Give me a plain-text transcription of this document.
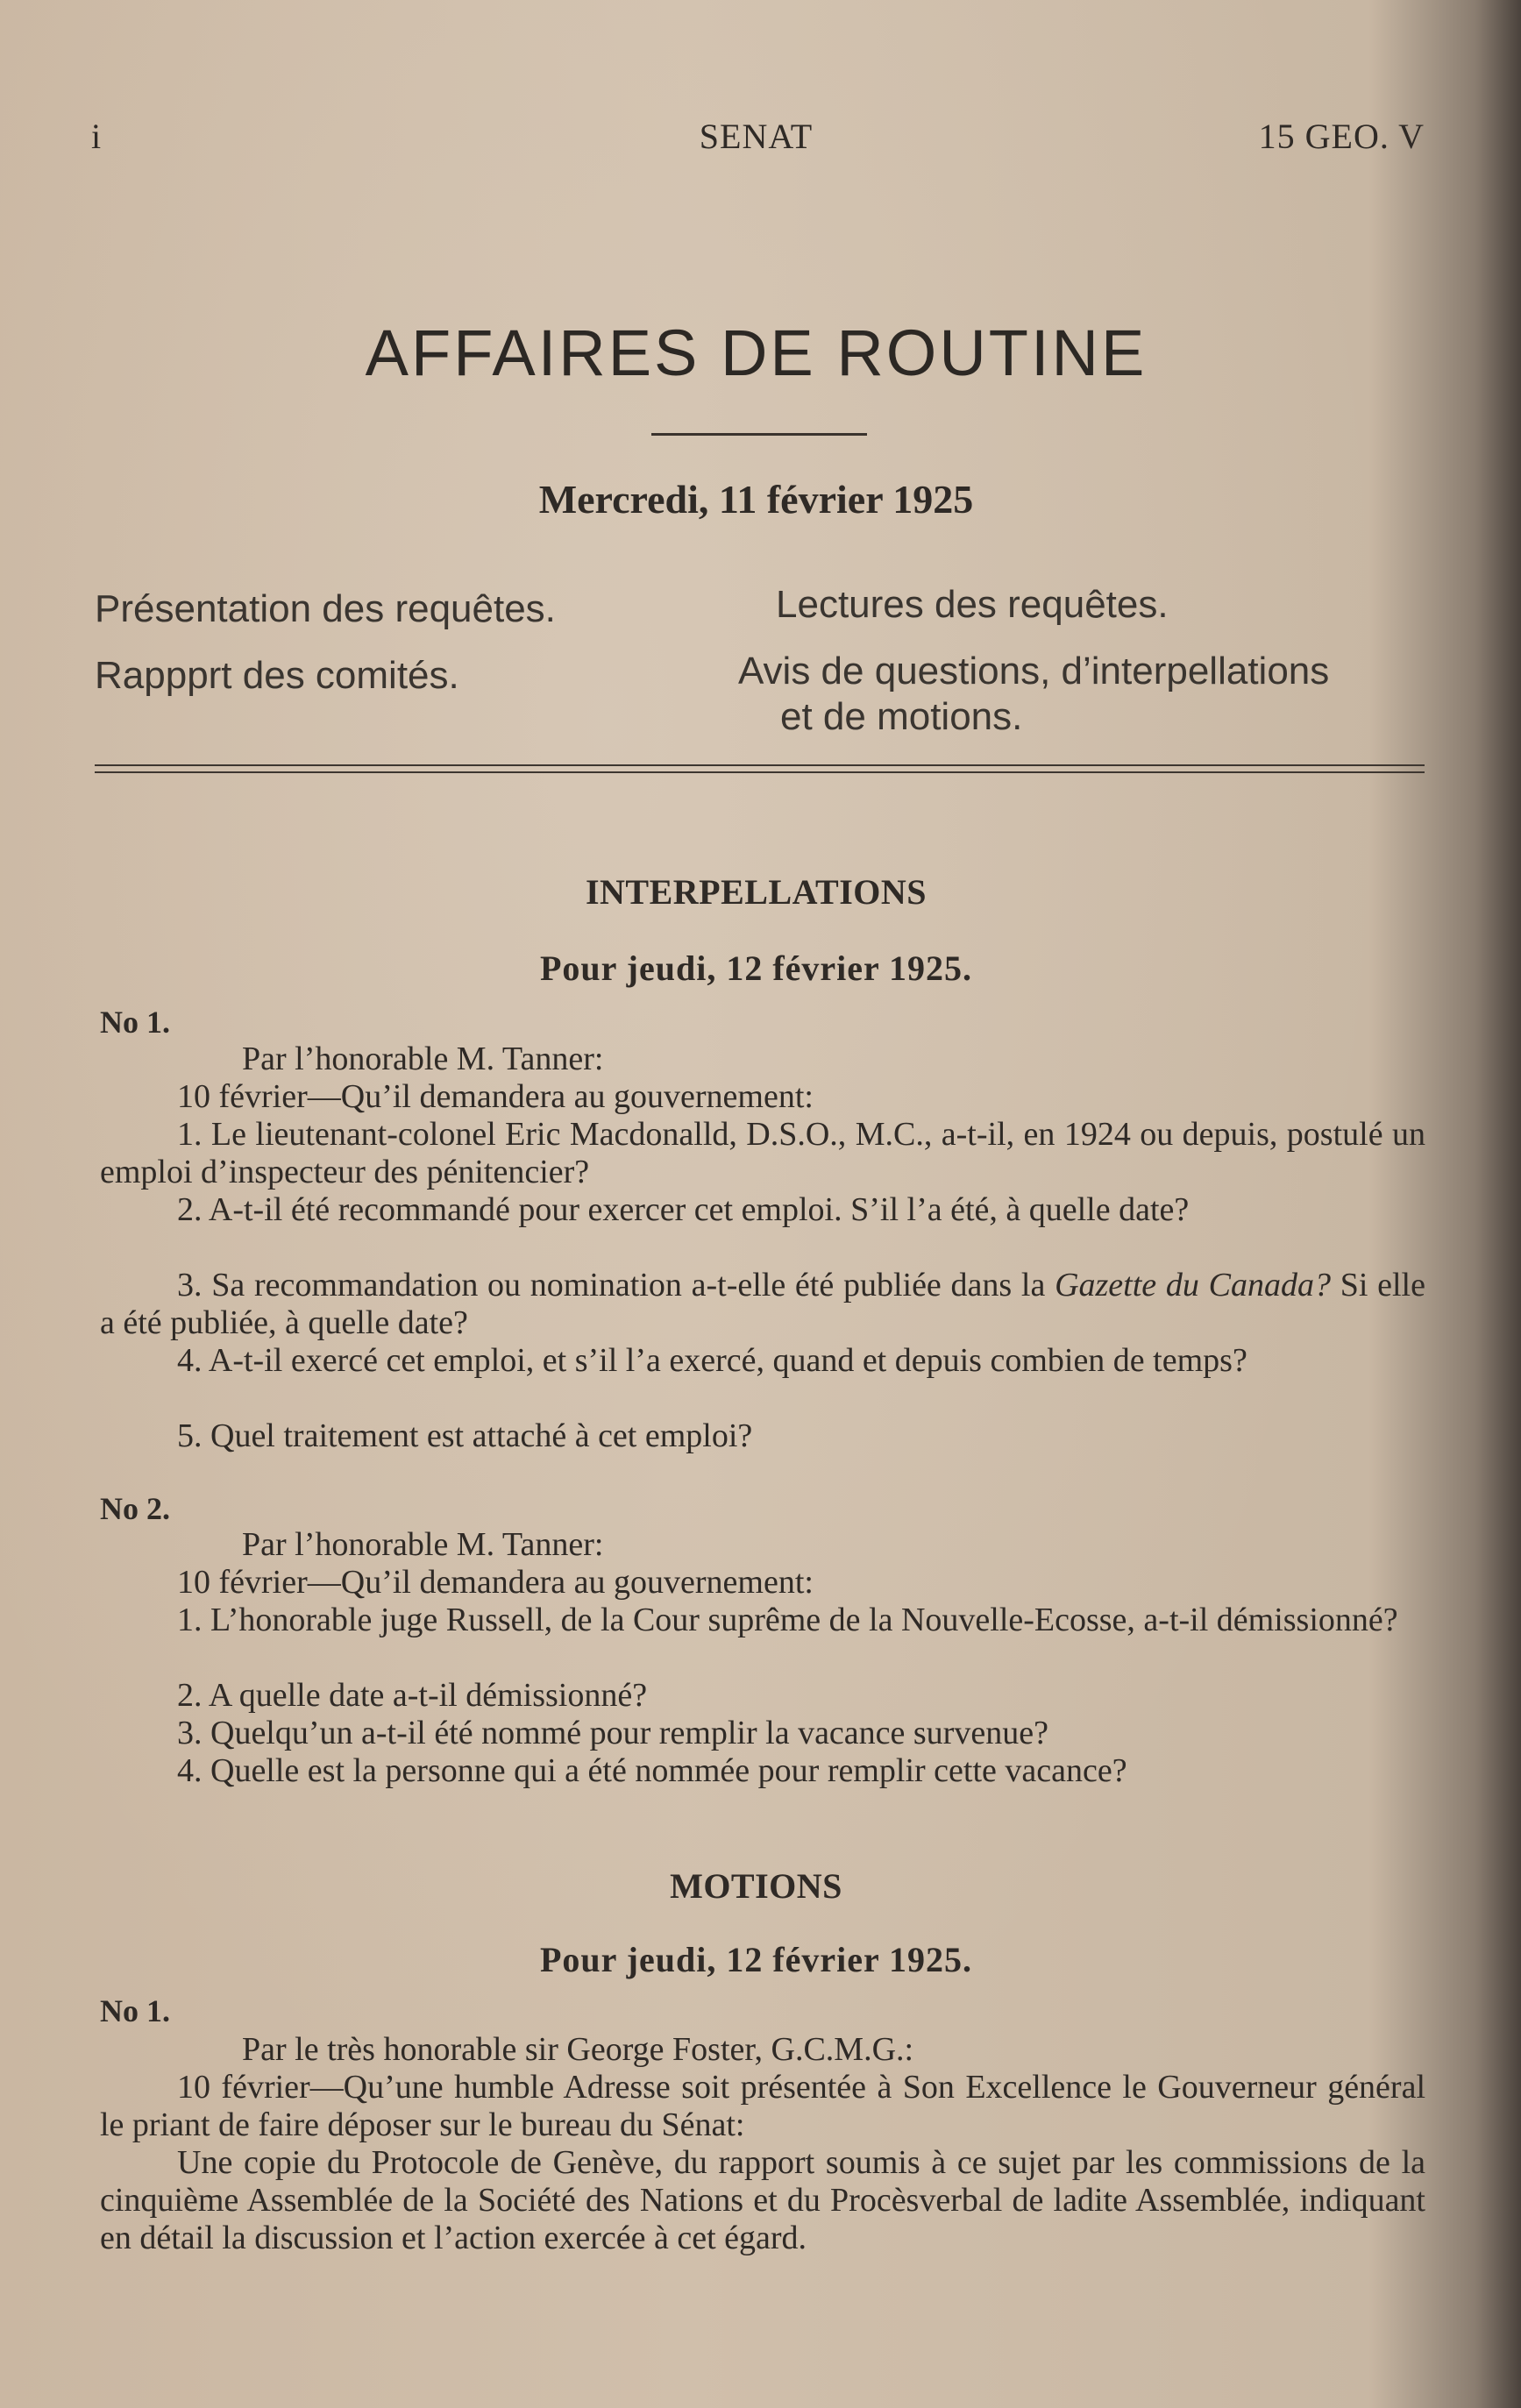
i	SENAT	15 GEO. V
AFFAIRES DE ROUTINE
Mercredi, 11 février 1925
Présentation des requêtes.
Rappprt des comités.
Lectures des requêtes.
Avis de questions, d’interpellations
et de motions.
INTERPELLATIONS
Pour jeudi, 12 février 1925.
No 1.
Par l’honorable M. Tanner:
10 février—Qu’il demandera au gouvernement:
1. Le lieutenant-colonel Eric Macdonalld, D.S.O., M.C., a-t-il, en 1924 ou depuis, postulé un emploi d’inspecteur des pénitencier?
2. A-t-il été recommandé pour exercer cet emploi. S’il l’a été, à quelle date?
3. Sa recommandation ou nomination a-t-elle été publiée dans la Gazette du Canada? Si elle a été publiée, à quelle date?
4. A-t-il exercé cet emploi, et s’il l’a exercé, quand et depuis combien de temps?
5. Quel traitement est attaché à cet emploi?
No 2.
Par l’honorable M. Tanner:
10 février—Qu’il demandera au gouvernement:
1. L’honorable juge Russell, de la Cour suprême de la Nouvelle-Ecosse, a-t-il démissionné?
2. A quelle date a-t-il démissionné?
3. Quelqu’un a-t-il été nommé pour remplir la vacance survenue?
4. Quelle est la personne qui a été nommée pour remplir cette vacance?
MOTIONS
Pour jeudi, 12 février 1925.
No 1.
Par le très honorable sir George Foster, G.C.M.G.:
10 février—Qu’une humble Adresse soit présentée à Son Excellence le Gouverneur général le priant de faire déposer sur le bureau du Sénat:
Une copie du Protocole de Genève, du rapport soumis à ce sujet par les commissions de la cinquième Assemblée de la Société des Nations et du Procèsverbal de ladite Assemblée, indiquant en détail la discussion et l’action exercée à cet égard.
